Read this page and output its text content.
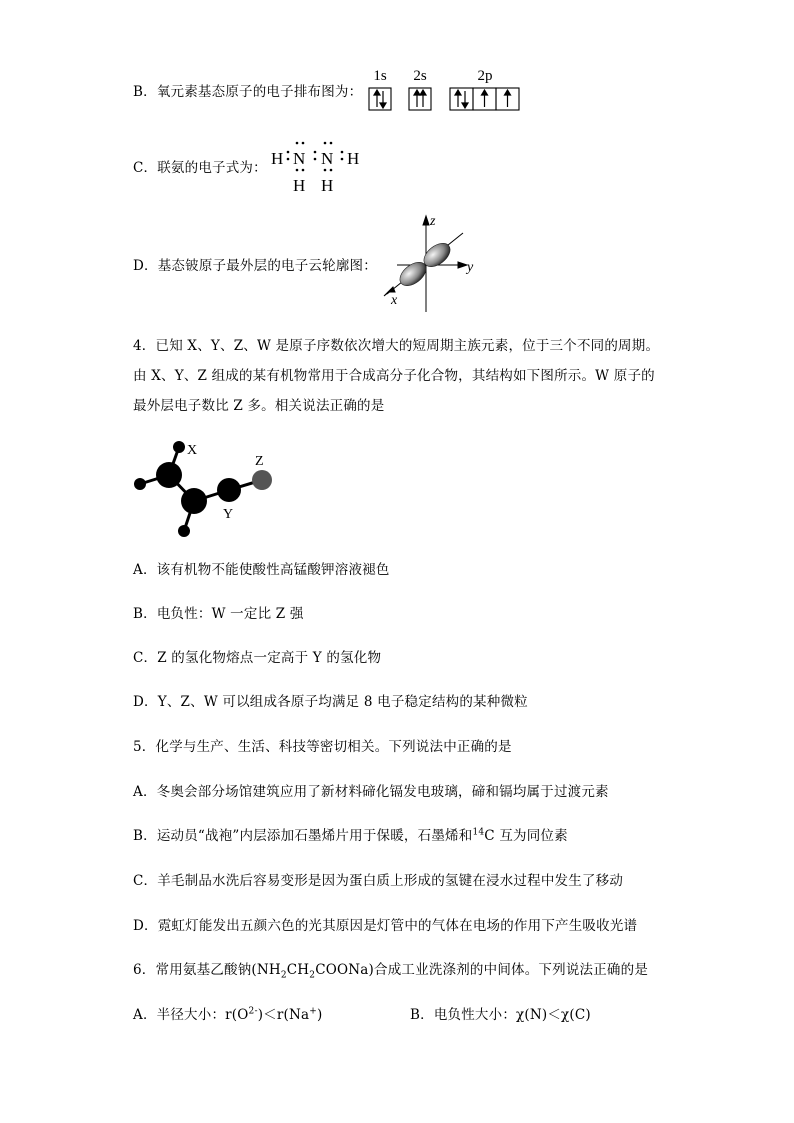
B．氧元素基态原子的电子排布图为：
1s 2s	2p
C．联氨的电子式为： H N N H
H H
D．基态铍原子最外层的电子云轮廓图：
z
y
x
4．已知 X、Y、Z、W 是原子序数依次增大的短周期主族元素，位于三个不同的周期。
由 X、Y、Z 组成的某有机物常用于合成高分子化合物，其结构如下图所示。W 原子的
最外层电子数比 Z 多。相关说法正确的是
X
Y
Z
A．该有机物不能使酸性高锰酸钾溶液褪色
B．电负性：W 一定比 Z 强
C．Z 的氢化物熔点一定高于 Y 的氢化物
D．Y、Z、W 可以组成各原子均满足 8 电子稳定结构的某种微粒
5．化学与生产、生活、科技等密切相关。下列说法中正确的是
A．冬奥会部分场馆建筑应用了新材料碲化镉发电玻璃，碲和镉均属于过渡元素
B．运动员“战袍”内层添加石墨烯片用于保暖，石墨烯和$^{14}$C 互为同位素
C．羊毛制品水洗后容易变形是因为蛋白质上形成的氢键在浸水过程中发生了移动
D．霓虹灯能发出五颜六色的光其原因是灯管中的气体在电场的作用下产生吸收光谱
6．常用氨基乙酸钠$(NH_2CH_2COONa)$合成工业洗涤剂的中间体。下列说法正确的是
A．半径大小：$r(O^{2-})<r(Na^+)$	B．电负性大小：χ(N)＜χ(C)
